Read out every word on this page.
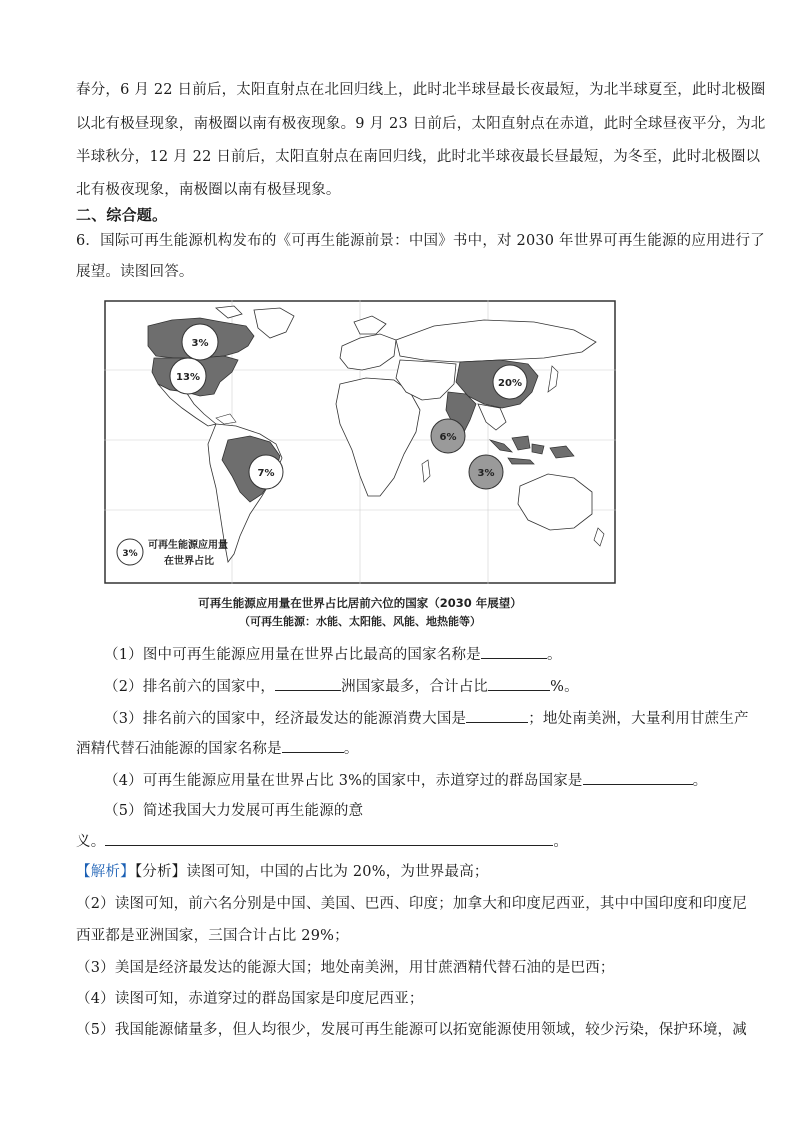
春分，6 月 22 日前后，太阳直射点在北回归线上，此时北半球昼最长夜最短，为北半球夏至，此时北极圈
以北有极昼现象，南极圈以南有极夜现象。9 月 23 日前后，太阳直射点在赤道，此时全球昼夜平分，为北
半球秋分，12 月 22 日前后，太阳直射点在南回归线，此时北半球夜最长昼最短，为冬至，此时北极圈以
北有极夜现象，南极圈以南有极昼现象。
二、综合题。
6．国际可再生能源机构发布的《可再生能源前景：中国》书中，对 2030 年世界可再生能源的应用进行了
展望。读图回答。
3%
13%
7%
6%
3%
20%
3%
可再生能源应用量
在世界占比
可再生能源应用量在世界占比居前六位的国家（2030 年展望）
（可再生能源：水能、太阳能、风能、地热能等）
（1）图中可再生能源应用量在世界占比最高的国家名称是	。
（2）排名前六的国家中，	洲国家最多，合计占比	%。
（3）排名前六的国家中，经济最发达的能源消费大国是	；地处南美洲，大量利用甘蔗生产
酒精代替石油能源的国家名称是	。
（4）可再生能源应用量在世界占比 3%的国家中，赤道穿过的群岛国家是	。
（5）简述我国大力发展可再生能源的意
义。	。
【解析】【分析】读图可知，中国的占比为 20%，为世界最高；
（2）读图可知，前六名分别是中国、美国、巴西、印度；加拿大和印度尼西亚，其中中国印度和印度尼
西亚都是亚洲国家，三国合计占比 29%；
（3）美国是经济最发达的能源大国；地处南美洲，用甘蔗酒精代替石油的是巴西；
（4）读图可知，赤道穿过的群岛国家是印度尼西亚；
（5）我国能源储量多，但人均很少，发展可再生能源可以拓宽能源使用领域，较少污染，保护环境，减
